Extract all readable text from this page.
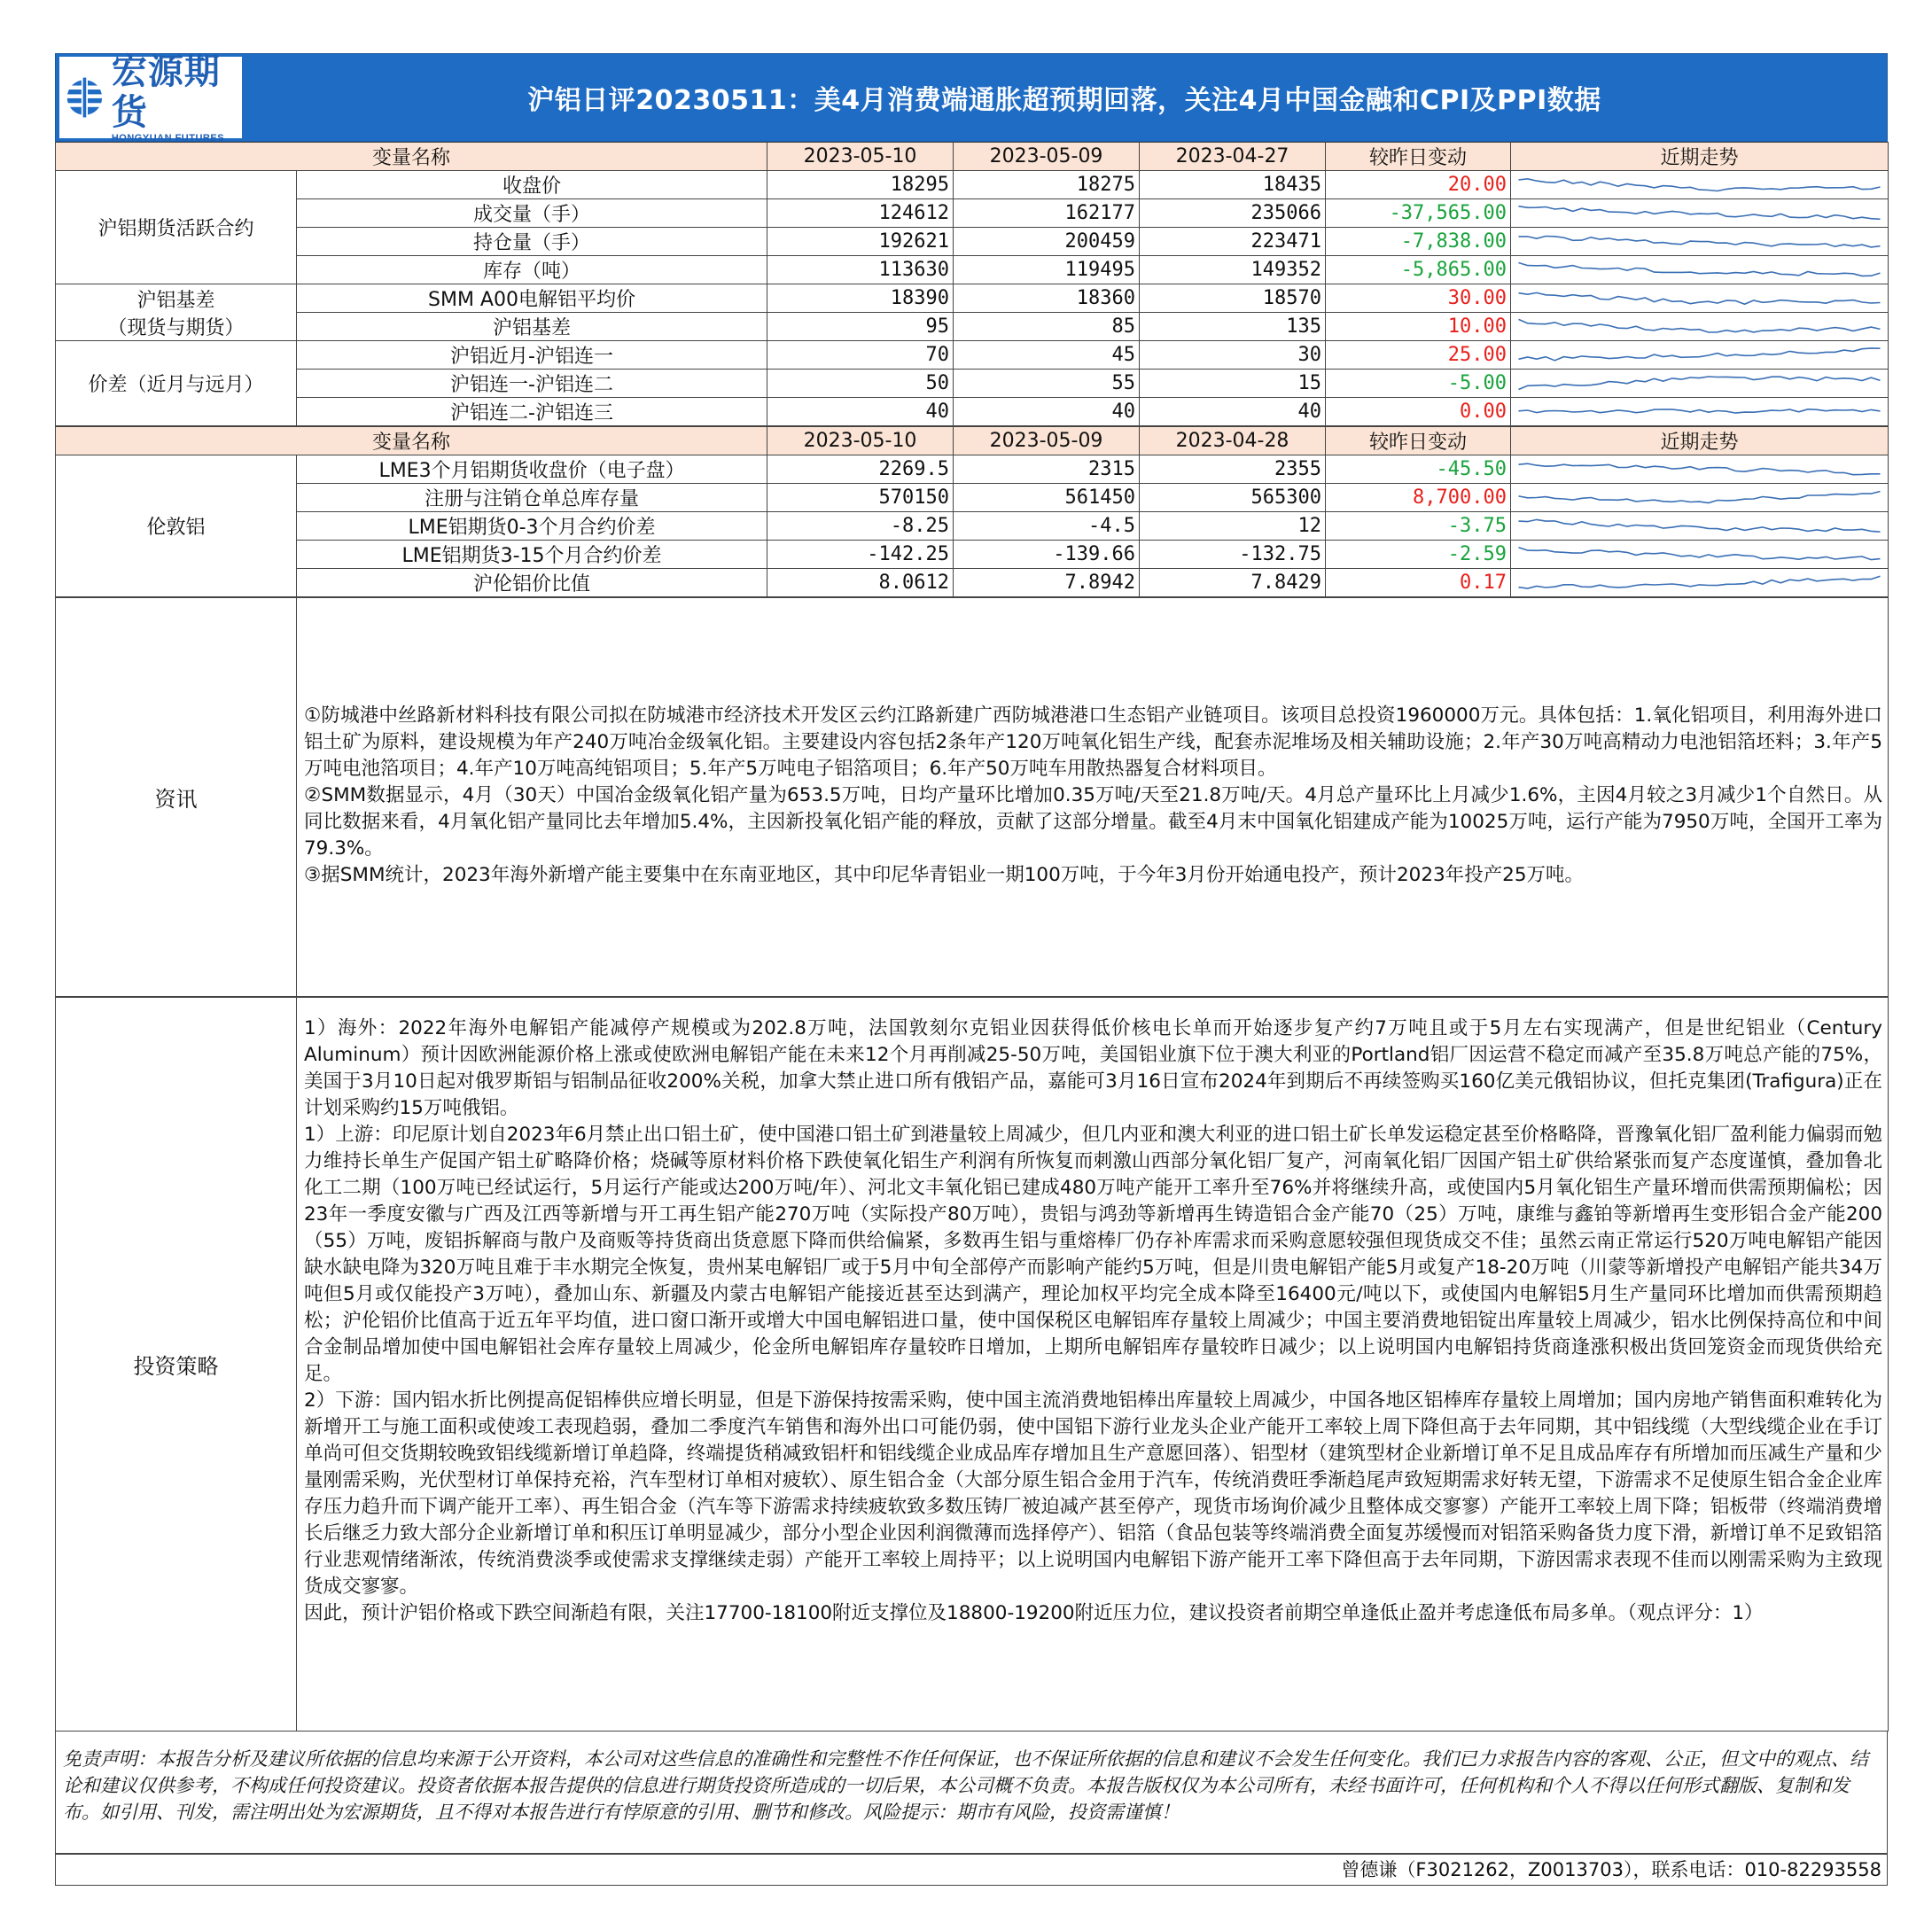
宏源期货
HONGYUAN FUTURES
沪铝日评20230511：美4月消费端通胀超预期回落，关注4月中国金融和CPI及PPI数据
变量名称		2023-05-10	2023-05-09	2023-04-27	较昨日变动	近期走势
沪铝期货活跃合约	收盘价	18295	18275	18435	20.00	

	成交量（手）	124612	162177	235066	-37,565.00	

	持仓量（手）	192621	200459	223471	-7,838.00	

	库存（吨）	113630	119495	149352	-5,865.00	

沪铝基差
（现货与期货）	SMM A00电解铝平均价	18390	18360	18570	30.00	

	沪铝基差	95	85	135	10.00	

价差（近月与远月）	沪铝近月-沪铝连一	70	45	30	25.00	

	沪铝连一-沪铝连二	50	55	15	-5.00	

	沪铝连二-沪铝连三	40	40	40	0.00	
变量名称		2023-05-10	2023-05-09	2023-04-28	较昨日变动	近期走势
伦敦铝	LME3个月铝期货收盘价（电子盘）	2269.5	2315	2355	-45.50	

	注册与注销仓单总库存量	570150	561450	565300	8,700.00	

	LME铝期货0-3个月合约价差	-8.25	-4.5	12	-3.75	

	LME铝期货3-15个月合约价差	-142.25	-139.66	-132.75	-2.59	

	沪伦铝价比值	8.0612	7.8942	7.8429	0.17	
资讯	

①防城港中丝路新材料科技有限公司拟在防城港市经济技术开发区云约江路新建广西防城港港口生态铝产业链项目。该项目总投资1960000万元。具体包括：1.氧化铝项目，利用海外进口铝土矿为原料，建设规模为年产240万吨冶金级氧化铝。主要建设内容包括2条年产120万吨氧化铝生产线，配套赤泥堆场及相关辅助设施；2.年产30万吨高精动力电池铝箔坯料；3.年产5万吨电池箔项目；4.年产10万吨高纯铝项目；5.年产5万吨电子铝箔项目；6.年产50万吨车用散热器复合材料项目。

②SMM数据显示，4月（30天）中国冶金级氧化铝产量为653.5万吨，日均产量环比增加0.35万吨/天至21.8万吨/天。4月总产量环比上月减少1.6%，主因4月较之3月减少1个自然日。从同比数据来看，4月氧化铝产量同比去年增加5.4%，主因新投氧化铝产能的释放，贡献了这部分增量。截至4月末中国氧化铝建成产能为10025万吨，运行产能为7950万吨，全国开工率为79.3%。

③据SMM统计，2023年海外新增产能主要集中在东南亚地区，其中印尼华青铝业一期100万吨，于今年3月份开始通电投产，预计2023年投产25万吨。

投资策略	

1）海外：2022年海外电解铝产能减停产规模或为202.8万吨，法国敦刻尔克铝业因获得低价核电长单而开始逐步复产约7万吨且或于5月左右实现满产，但是世纪铝业（Century Aluminum）预计因欧洲能源价格上涨或使欧洲电解铝产能在未来12个月再削减25-50万吨，美国铝业旗下位于澳大利亚的Portland铝厂因运营不稳定而减产至35.8万吨总产能的75%，美国于3月10日起对俄罗斯铝与铝制品征收200%关税，加拿大禁止进口所有俄铝产品，嘉能可3月16日宣布2024年到期后不再续签购买160亿美元俄铝协议，但托克集团(Trafigura)正在计划采购约15万吨俄铝。

1）上游：印尼原计划自2023年6月禁止出口铝土矿，使中国港口铝土矿到港量较上周减少，但几内亚和澳大利亚的进口铝土矿长单发运稳定甚至价格略降，晋豫氧化铝厂盈利能力偏弱而勉力维持长单生产促国产铝土矿略降价格；烧碱等原材料价格下跌使氧化铝生产利润有所恢复而刺激山西部分氧化铝厂复产，河南氧化铝厂因国产铝土矿供给紧张而复产态度谨慎，叠加鲁北化工二期（100万吨已经试运行，5月运行产能或达200万吨/年）、河北文丰氧化铝已建成480万吨产能开工率升至76%并将继续升高，或使国内5月氧化铝生产量环增而供需预期偏松；因23年一季度安徽与广西及江西等新增与开工再生铝产能270万吨（实际投产80万吨），贵铝与鸿劲等新增再生铸造铝合金产能70（25）万吨，康维与鑫铂等新增再生变形铝合金产能200（55）万吨，废铝拆解商与散户及商贩等持货商出货意愿下降而供给偏紧，多数再生铝与重熔棒厂仍存补库需求而采购意愿较强但现货成交不佳；虽然云南正常运行520万吨电解铝产能因缺水缺电降为320万吨且难于丰水期完全恢复，贵州某电解铝厂或于5月中旬全部停产而影响产能约5万吨，但是川贵电解铝产能5月或复产18-20万吨（川蒙等新增投产电解铝产能共34万吨但5月或仅能投产3万吨），叠加山东、新疆及内蒙古电解铝产能接近甚至达到满产，理论加权平均完全成本降至16400元/吨以下，或使国内电解铝5月生产量同环比增加而供需预期趋松；沪伦铝价比值高于近五年平均值，进口窗口渐开或增大中国电解铝进口量，使中国保税区电解铝库存量较上周减少；中国主要消费地铝锭出库量较上周减少，铝水比例保持高位和中间合金制品增加使中国电解铝社会库存量较上周减少，伦金所电解铝库存量较昨日增加，上期所电解铝库存量较昨日减少；以上说明国内电解铝持货商逢涨积极出货回笼资金而现货供给充足。

2）下游：国内铝水折比例提高促铝棒供应增长明显，但是下游保持按需采购，使中国主流消费地铝棒出库量较上周减少，中国各地区铝棒库存量较上周增加；国内房地产销售面积难转化为新增开工与施工面积或使竣工表现趋弱，叠加二季度汽车销售和海外出口可能仍弱，使中国铝下游行业龙头企业产能开工率较上周下降但高于去年同期，其中铝线缆（大型线缆企业在手订单尚可但交货期较晚致铝线缆新增订单趋降，终端提货稍减致铝杆和铝线缆企业成品库存增加且生产意愿回落）、铝型材（建筑型材企业新增订单不足且成品库存有所增加而压减生产量和少量刚需采购，光伏型材订单保持充裕，汽车型材订单相对疲软）、原生铝合金（大部分原生铝合金用于汽车，传统消费旺季渐趋尾声致短期需求好转无望，下游需求不足使原生铝合金企业库存压力趋升而下调产能开工率）、再生铝合金（汽车等下游需求持续疲软致多数压铸厂被迫减产甚至停产，现货市场询价减少且整体成交寥寥）产能开工率较上周下降；铝板带（终端消费增长后继乏力致大部分企业新增订单和积压订单明显减少，部分小型企业因利润微薄而选择停产）、铝箔（食品包装等终端消费全面复苏缓慢而对铝箔采购备货力度下滑，新增订单不足致铝箔行业悲观情绪渐浓，传统消费淡季或使需求支撑继续走弱）产能开工率较上周持平；以上说明国内电解铝下游产能开工率下降但高于去年同期，下游因需求表现不佳而以刚需采购为主致现货成交寥寥。

因此，预计沪铝价格或下跌空间渐趋有限，关注17700-18100附近支撑位及18800-19200附近压力位，建议投资者前期空单逢低止盈并考虑逢低布局多单。（观点评分：1）

免责声明：本报告分析及建议所依据的信息均来源于公开资料，本公司对这些信息的准确性和完整性不作任何保证，也不保证所依据的信息和建议不会发生任何变化。我们已力求报告内容的客观、公正，但文中的观点、结论和建议仅供参考，不构成任何投资建议。投资者依据本报告提供的信息进行期货投资所造成的一切后果，本公司概不负责。本报告版权仅为本公司所有，未经书面许可，任何机构和个人不得以任何形式翻版、复制和发布。如引用、刊发，需注明出处为宏源期货，且不得对本报告进行有悖原意的引用、删节和修改。风险提示：期市有风险，投资需谨慎！
曾德谦（F3021262，Z0013703），联系电话：010-82293558
